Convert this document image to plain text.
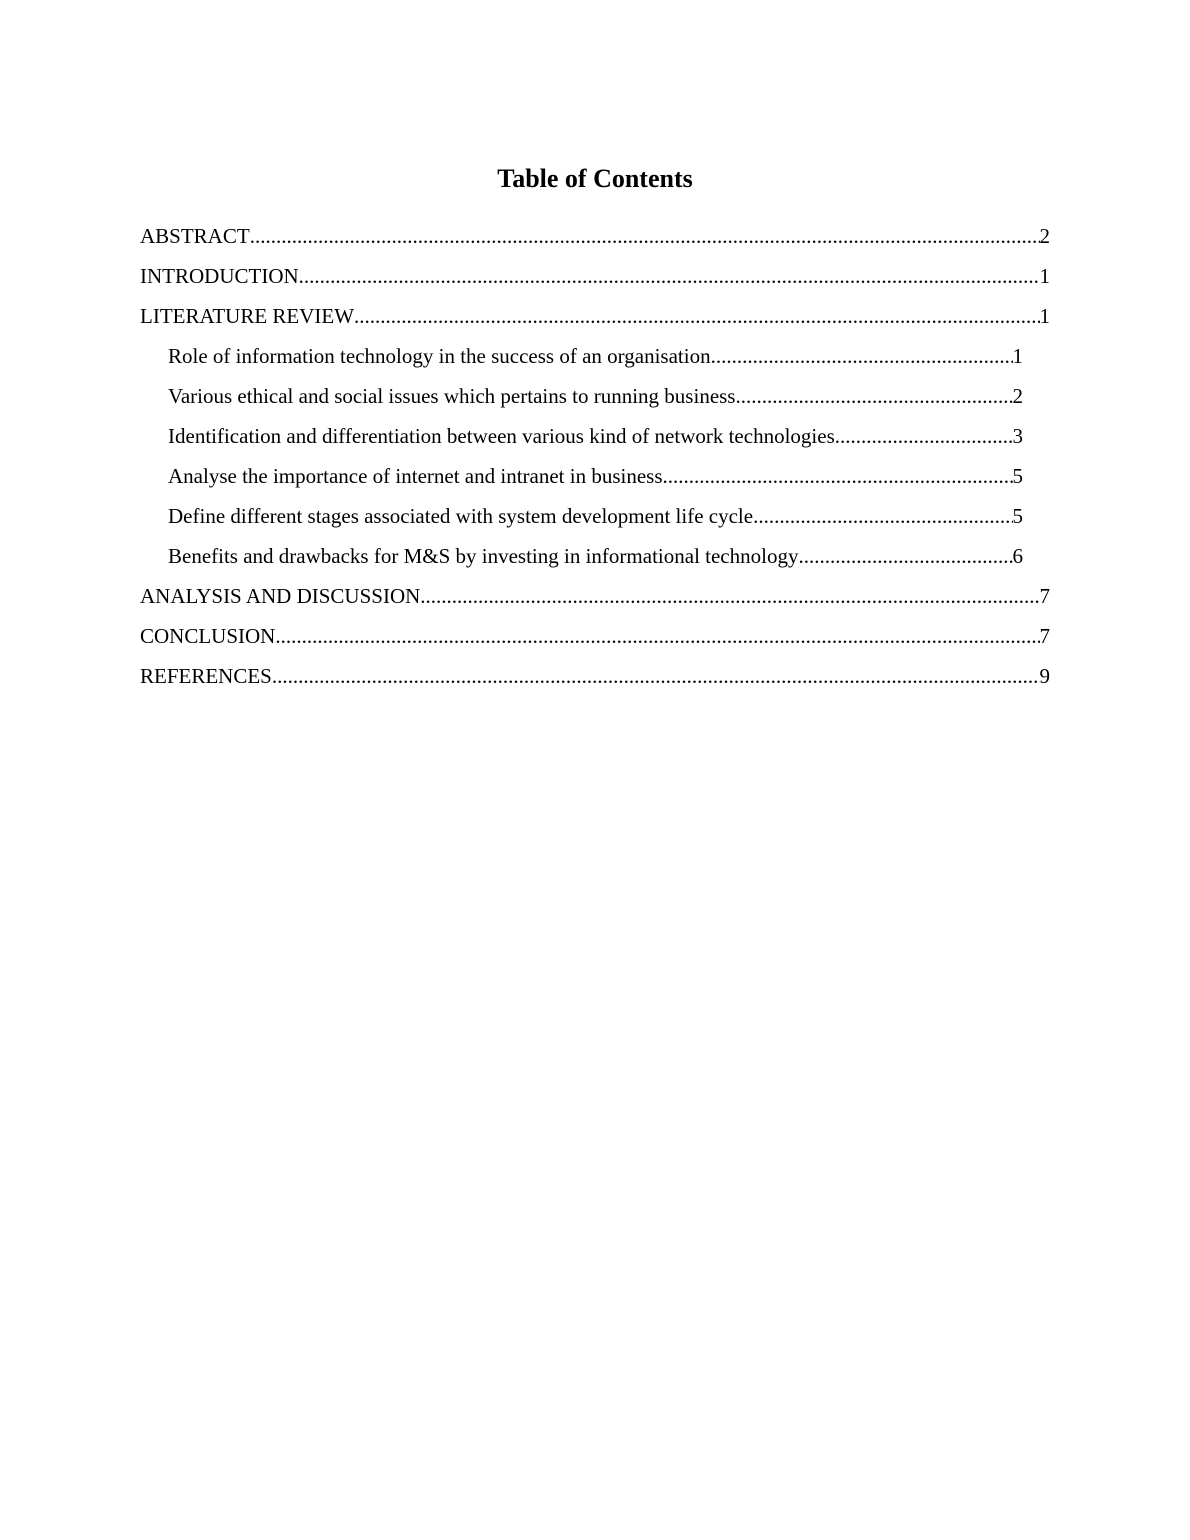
Table of Contents
ABSTRACT .....	2
INTRODUCTION .....	1
LITERATURE REVIEW .....	1
Role of information technology in the success of an organisation .....	1
Various ethical and social issues which pertains to running business .....	2
Identification and differentiation between various kind of network technologies .....	3
Analyse the importance of internet and intranet in business .....	5
Define different stages associated with system development life cycle .....	5
Benefits and drawbacks for M&S by investing in informational technology .....	6
ANALYSIS AND DISCUSSION .....	7
CONCLUSION .....	7
REFERENCES .....	9
